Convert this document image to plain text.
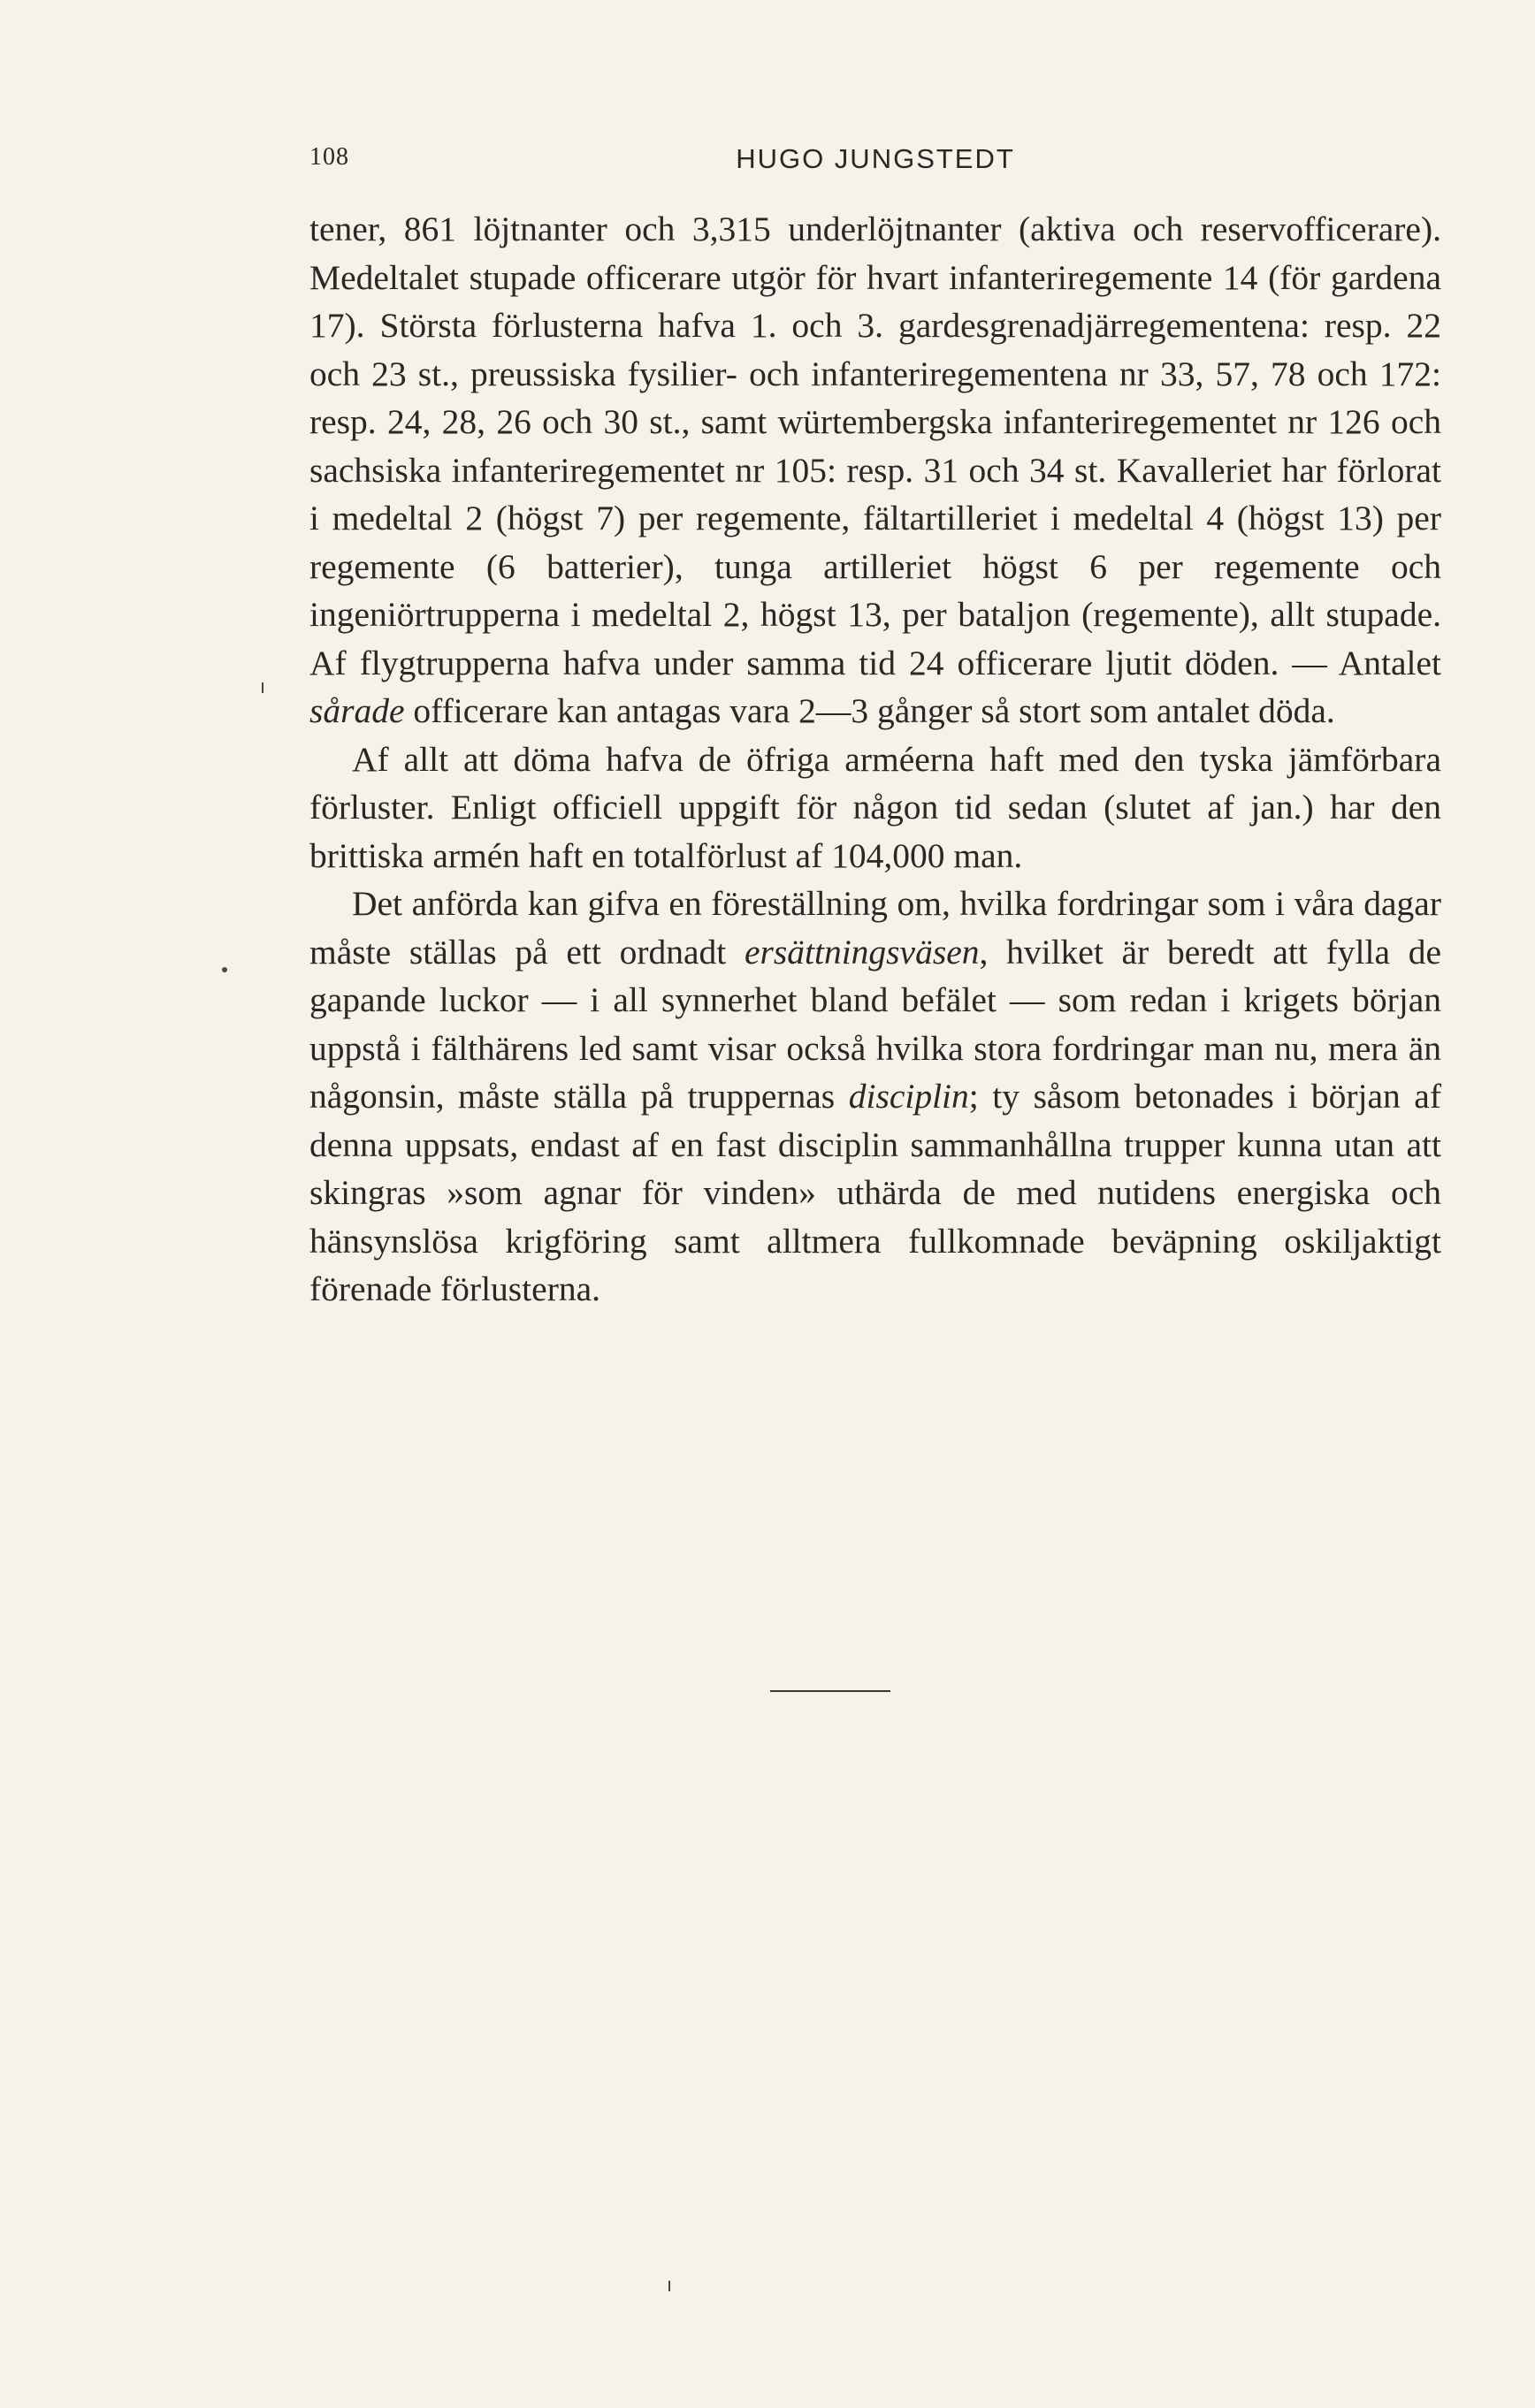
108	HUGO JUNGSTEDT

tener, 861 löjtnanter och 3,315 underlöjtnanter (aktiva och reservofficerare). Medeltalet stupade officerare utgör för hvart infanteriregemente 14 (för gardena 17). Största förlusterna hafva 1. och 3. gardesgrenadjärregementena: resp. 22 och 23 st., preussiska fysilier- och infanteriregementena nr 33, 57, 78 och 172: resp. 24, 28, 26 och 30 st., samt würtembergska infanteriregementet nr 126 och sachsiska infanteriregementet nr 105: resp. 31 och 34 st. Kavalleriet har förlorat i medeltal 2 (högst 7) per regemente, fältartilleriet i medeltal 4 (högst 13) per regemente (6 batterier), tunga artilleriet högst 6 per regemente och ingeniörtrupperna i medeltal 2, högst 13, per bataljon (regemente), allt stupade. Af flygtrupperna hafva under samma tid 24 officerare ljutit döden. — Antalet sårade officerare kan antagas vara 2—3 gånger så stort som antalet döda.

Af allt att döma hafva de öfriga arméerna haft med den tyska jämförbara förluster. Enligt officiell uppgift för någon tid sedan (slutet af jan.) har den brittiska armén haft en totalförlust af 104,000 man.

Det anförda kan gifva en föreställning om, hvilka fordringar som i våra dagar måste ställas på ett ordnadt ersättningsväsen, hvilket är beredt att fylla de gapande luckor — i all synnerhet bland befälet — som redan i krigets början uppstå i fälthärens led samt visar också hvilka stora fordringar man nu, mera än någonsin, måste ställa på truppernas disciplin; ty såsom betonades i början af denna uppsats, endast af en fast disciplin sammanhållna trupper kunna utan att skingras »som agnar för vinden» uthärda de med nutidens energiska och hänsynslösa krigföring samt alltmera fullkomnade beväpning oskiljaktigt förenade förlusterna.
